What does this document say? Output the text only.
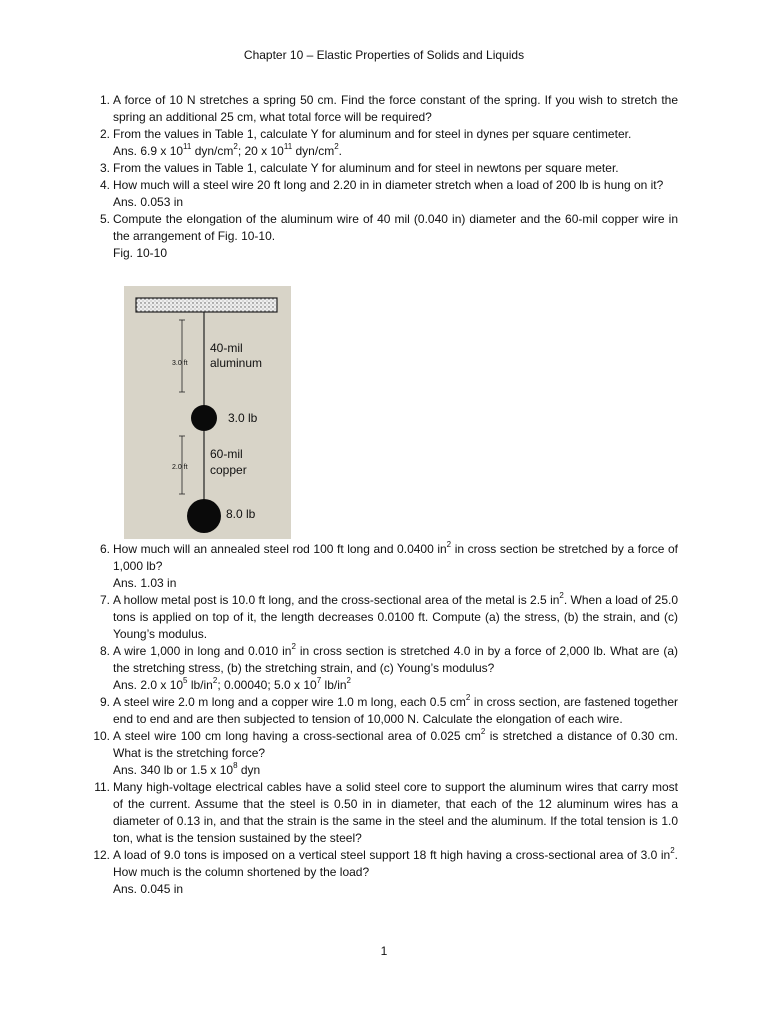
Chapter 10 – Elastic Properties of Solids and Liquids
1. A force of 10 N stretches a spring 50 cm. Find the force constant of the spring. If you wish to stretch the spring an additional 25 cm, what total force will be required?
2. From the values in Table 1, calculate Y for aluminum and for steel in dynes per square centimeter.
Ans. 6.9 x $10^{11}$ dyn/$cm^2$; 20 x $10^{11}$ dyn/$cm^2$.
3. From the values in Table 1, calculate Y for aluminum and for steel in newtons per square meter.
4. How much will a steel wire 20 ft long and 2.20 in in diameter stretch when a load of 200 lb is hung on it?
Ans. 0.053 in
5. Compute the elongation of the aluminum wire of 40 mil (0.040 in) diameter and the 60-mil copper wire in the arrangement of Fig. 10-10.
Fig. 10-10
3.0 ft
40-mil
aluminum
3.0 lb
2.0 ft
60-mil
copper
8.0 lb
6. How much will an annealed steel rod 100 ft long and 0.0400 $in^2$ in cross section be stretched by a force of 1,000 lb?
Ans. 1.03 in
7. A hollow metal post is 10.0 ft long, and the cross-sectional area of the metal is 2.5 $in^2$. When a load of 25.0 tons is applied on top of it, the length decreases 0.0100 ft. Compute (a) the stress, (b) the strain, and (c) Young’s modulus.
8. A wire 1,000 in long and 0.010 $in^2$ in cross section is stretched 4.0 in by a force of 2,000 lb. What are (a) the stretching stress, (b) the stretching strain, and (c) Young’s modulus?
Ans. 2.0 x $10^5$ $lb/in^2$; 0.00040; 5.0 x $10^7$ $lb/in^2$
9. A steel wire 2.0 m long and a copper wire 1.0 m long, each 0.5 $cm^2$ in cross section, are fastened together end to end and are then subjected to tension of 10,000 N. Calculate the elongation of each wire.
10. A steel wire 100 cm long having a cross-sectional area of 0.025 $cm^2$ is stretched a distance of 0.30 cm. What is the stretching force?
Ans. 340 lb or 1.5 x $10^8$ dyn
11. Many high-voltage electrical cables have a solid steel core to support the aluminum wires that carry most of the current. Assume that the steel is 0.50 in in diameter, that each of the 12 aluminum wires has a diameter of 0.13 in, and that the strain is the same in the steel and the aluminum. If the total tension is 1.0 ton, what is the tension sustained by the steel?
12. A load of 9.0 tons is imposed on a vertical steel support 18 ft high having a cross-sectional area of 3.0 $in^2$. How much is the column shortened by the load?
Ans. 0.045 in
1
